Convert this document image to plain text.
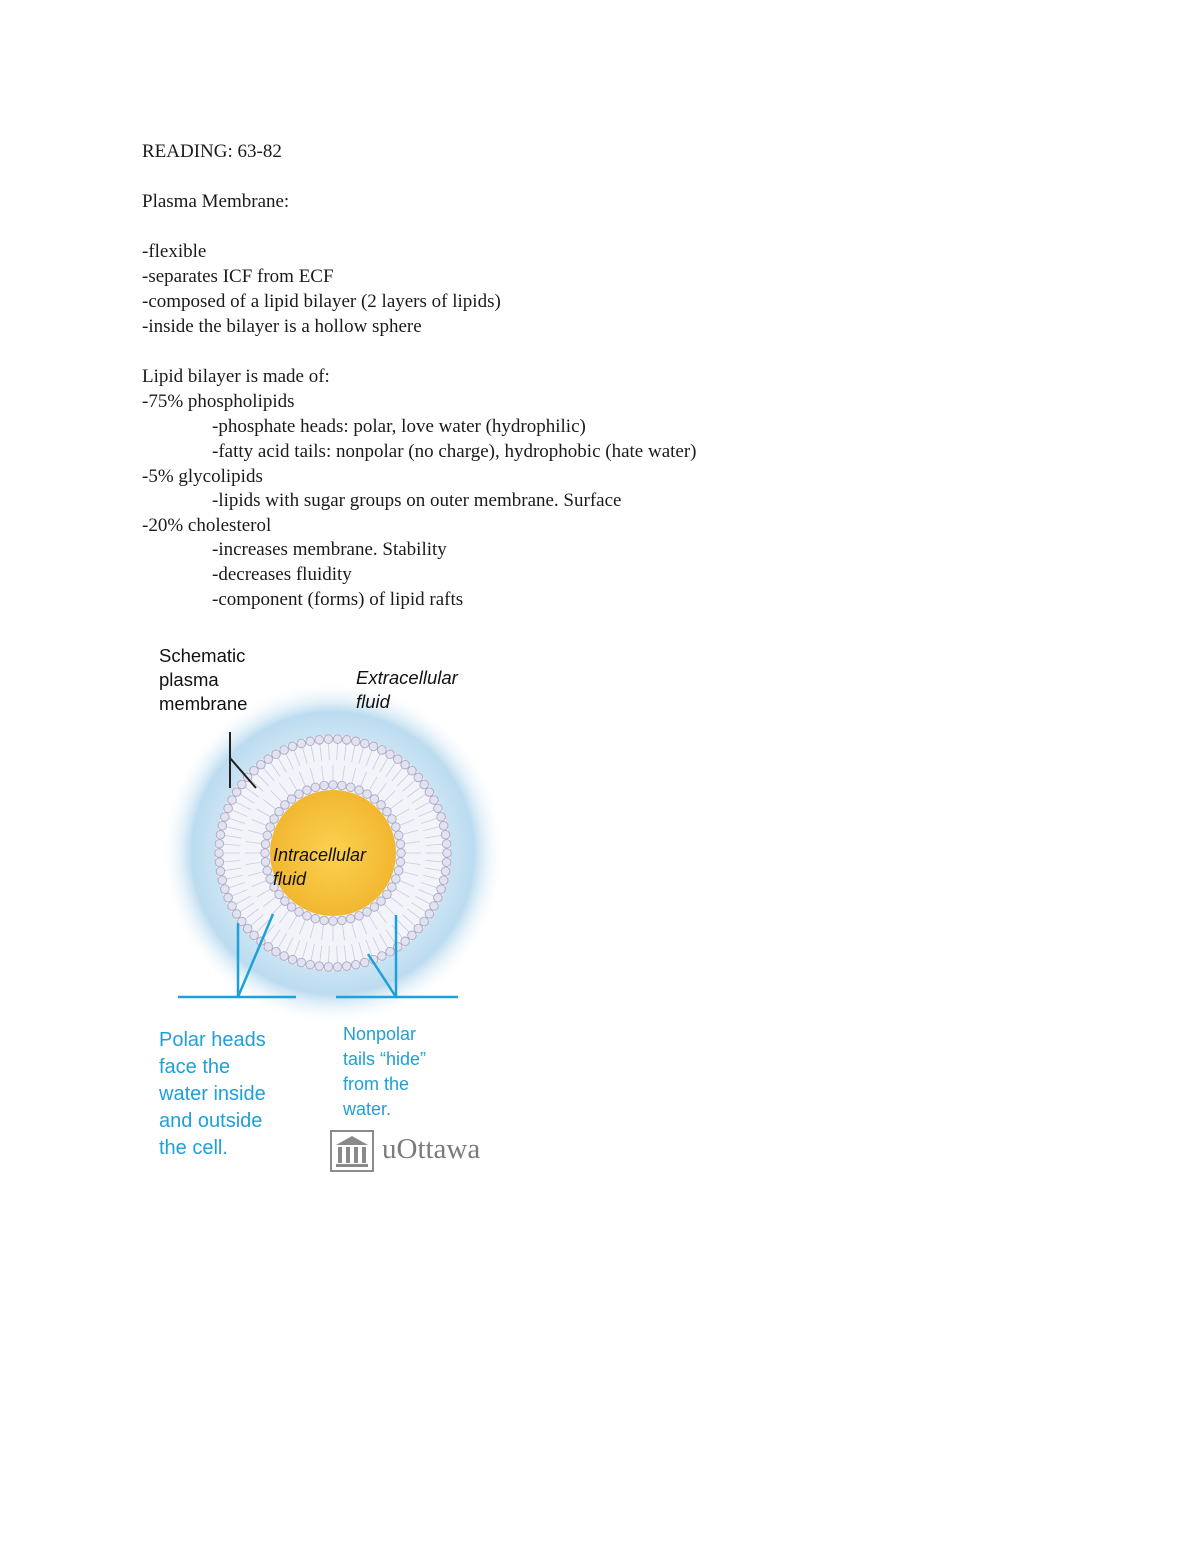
READING: 63-82
Plasma Membrane:
-flexible
-separates ICF from ECF
-composed of a lipid bilayer (2 layers of lipids)
-inside the bilayer is a hollow sphere
Lipid bilayer is made of:
-75% phospholipids
-phosphate heads: polar, love water (hydrophilic)
-fatty acid tails: nonpolar (no charge), hydrophobic (hate water)
-5% glycolipids
-lipids with sugar groups on outer membrane. Surface
-20% cholesterol
-increases membrane. Stability
-decreases fluidity
-component (forms) of lipid rafts
Schematic
plasma
membrane
Extracellular
fluid
Intracellular
fluid
Polar heads
face the
water inside
and outside
the cell.
Nonpolar
tails “hide”
from the
water.
uOttawa
